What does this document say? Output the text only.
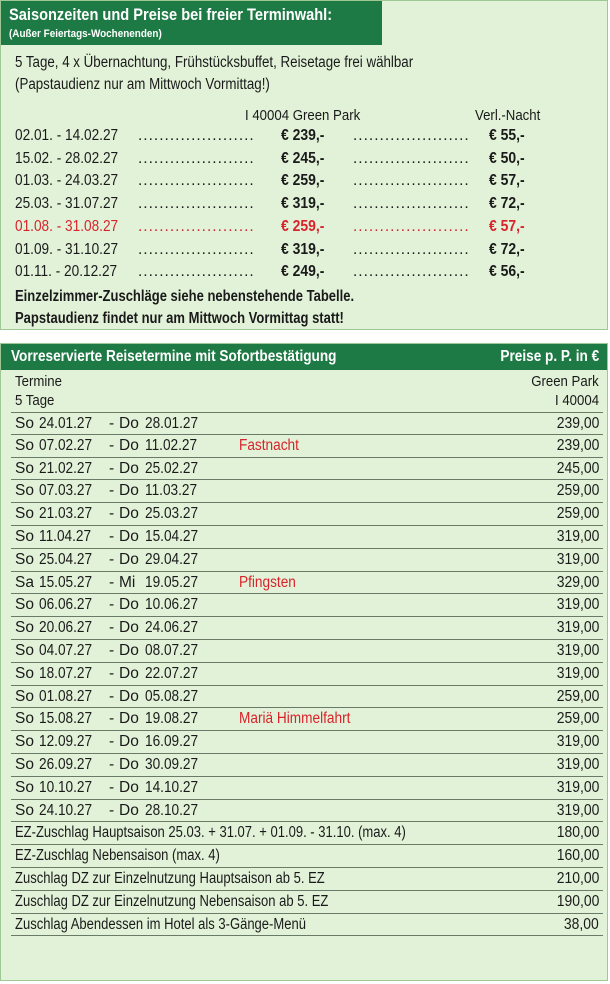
Saisonzeiten und Preise bei freier Terminwahl:
(Außer Feiertags-Wochenenden)
5 Tage, 4 x Übernachtung, Frühstücksbuffet, Reisetage frei wählbar
(Papstaudienz nur am Mittwoch Vormittag!)
I 40004 Green Park	Verl.-Nacht
02.01. - 14.02.27 ...................... € 239,- ...................... € 55,-
15.02. - 28.02.27 ...................... € 245,- ...................... € 50,-
01.03. - 24.03.27 ...................... € 259,- ...................... € 57,-
25.03. - 31.07.27 ...................... € 319,- ...................... € 72,-
01.08. - 31.08.27 ...................... € 259,- ...................... € 57,-
01.09. - 31.10.27 ...................... € 319,- ...................... € 72,-
01.11. - 20.12.27 ...................... € 249,- ...................... € 56,-
Einzelzimmer-Zuschläge siehe nebenstehende Tabelle.
Papstaudienz findet nur am Mittwoch Vormittag statt!
Vorreservierte Reisetermine mit Sofortbestätigung	Preise p. P. in €
Termine	Green Park
5 Tage	I 40004
So 24.01.27 - Do 28.01.27	239,00
So 07.02.27 - Do 11.02.27	Fastnacht	239,00
So 21.02.27 - Do 25.02.27	245,00
So 07.03.27 - Do 11.03.27	259,00
So 21.03.27 - Do 25.03.27	259,00
So 11.04.27 - Do 15.04.27	319,00
So 25.04.27 - Do 29.04.27	319,00
Sa 15.05.27 - Mi 19.05.27	Pfingsten	329,00
So 06.06.27 - Do 10.06.27	319,00
So 20.06.27 - Do 24.06.27	319,00
So 04.07.27 - Do 08.07.27	319,00
So 18.07.27 - Do 22.07.27	319,00
So 01.08.27 - Do 05.08.27	259,00
So 15.08.27 - Do 19.08.27	Mariä Himmelfahrt	259,00
So 12.09.27 - Do 16.09.27	319,00
So 26.09.27 - Do 30.09.27	319,00
So 10.10.27 - Do 14.10.27	319,00
So 24.10.27 - Do 28.10.27	319,00
EZ-Zuschlag Hauptsaison 25.03. + 31.07. + 01.09. - 31.10. (max. 4)	180,00
EZ-Zuschlag Nebensaison (max. 4)	160,00
Zuschlag DZ zur Einzelnutzung Hauptsaison ab 5. EZ	210,00
Zuschlag DZ zur Einzelnutzung Nebensaison ab 5. EZ	190,00
Zuschlag Abendessen im Hotel als 3-Gänge-Menü	38,00
